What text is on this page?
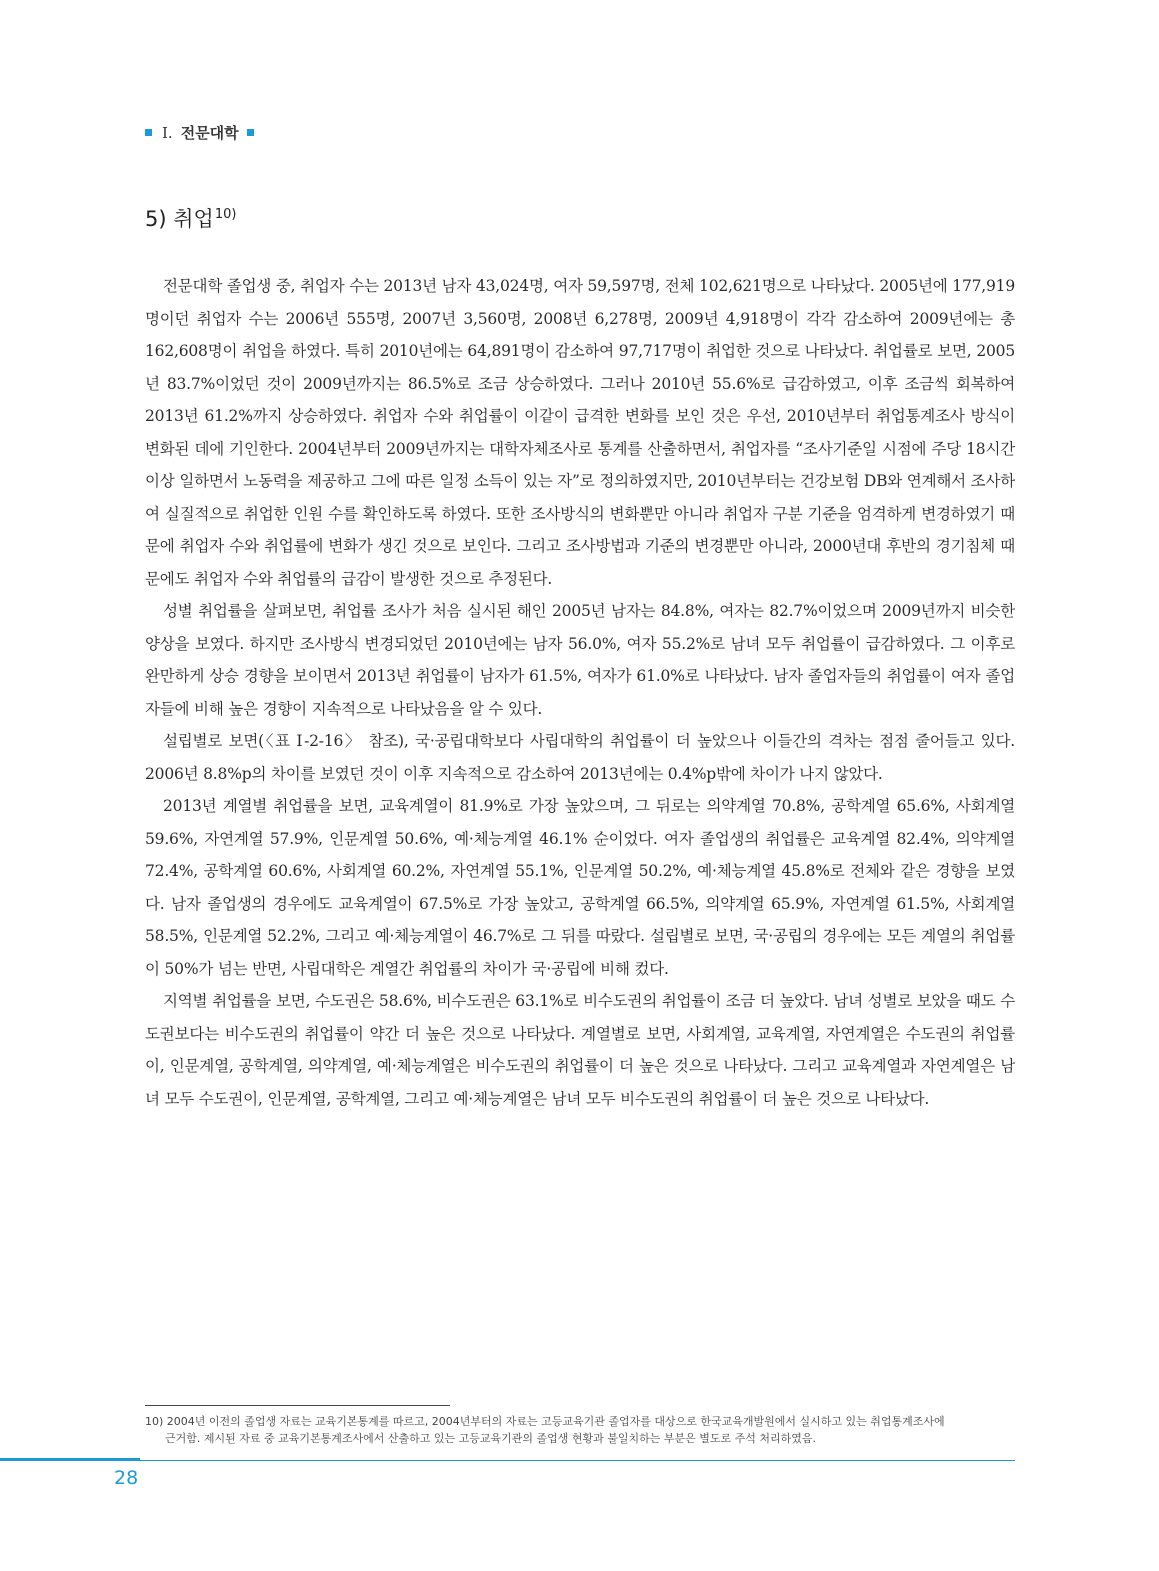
I. 전문대학
5) 취업$^{10)}$

전문대학 졸업생 중, 취업자 수는 2013년 남자 43,024명, 여자 59,597명, 전체 102,621명으로 나타났다. 2005년에 177,919명이던 취업자 수는 2006년 555명, 2007년 3,560명, 2008년 6,278명, 2009년 4,918명이 각각 감소하여 2009년에는 총 162,608명이 취업을 하였다. 특히 2010년에는 64,891명이 감소하여 97,717명이 취업한 것으로 나타났다. 취업률로 보면, 2005년 83.7%이었던 것이 2009년까지는 86.5%로 조금 상승하였다. 그러나 2010년 55.6%로 급감하였고, 이후 조금씩 회복하여 2013년 61.2%까지 상승하였다. 취업자 수와 취업률이 이같이 급격한 변화를 보인 것은 우선, 2010년부터 취업통계조사 방식이 변화된 데에 기인한다. 2004년부터 2009년까지는 대학자체조사로 통계를 산출하면서, 취업자를 “조사기준일 시점에 주당 18시간 이상 일하면서 노동력을 제공하고 그에 따른 일정 소득이 있는 자”로 정의하였지만, 2010년부터는 건강보험 DB와 연계해서 조사하여 실질적으로 취업한 인원 수를 확인하도록 하였다. 또한 조사방식의 변화뿐만 아니라 취업자 구분 기준을 엄격하게 변경하였기 때문에 취업자 수와 취업률에 변화가 생긴 것으로 보인다. 그리고 조사방법과 기준의 변경뿐만 아니라, 2000년대 후반의 경기침체 때문에도 취업자 수와 취업률의 급감이 발생한 것으로 추정된다.

성별 취업률을 살펴보면, 취업률 조사가 처음 실시된 해인 2005년 남자는 84.8%, 여자는 82.7%이었으며 2009년까지 비슷한 양상을 보였다. 하지만 조사방식 변경되었던 2010년에는 남자 56.0%, 여자 55.2%로 남녀 모두 취업률이 급감하였다. 그 이후로 완만하게 상승 경향을 보이면서 2013년 취업률이 남자가 61.5%, 여자가 61.0%로 나타났다. 남자 졸업자들의 취업률이 여자 졸업자들에 비해 높은 경향이 지속적으로 나타났음을 알 수 있다.

설립별로 보면(〈표 Ⅰ-2-16〉 참조), 국·공립대학보다 사립대학의 취업률이 더 높았으나 이들간의 격차는 점점 줄어들고 있다. 2006년 8.8%p의 차이를 보였던 것이 이후 지속적으로 감소하여 2013년에는 0.4%p밖에 차이가 나지 않았다.

2013년 계열별 취업률을 보면, 교육계열이 81.9%로 가장 높았으며, 그 뒤로는 의약계열 70.8%, 공학계열 65.6%, 사회계열 59.6%, 자연계열 57.9%, 인문계열 50.6%, 예·체능계열 46.1% 순이었다. 여자 졸업생의 취업률은 교육계열 82.4%, 의약계열 72.4%, 공학계열 60.6%, 사회계열 60.2%, 자연계열 55.1%, 인문계열 50.2%, 예·체능계열 45.8%로 전체와 같은 경향을 보였다. 남자 졸업생의 경우에도 교육계열이 67.5%로 가장 높았고, 공학계열 66.5%, 의약계열 65.9%, 자연계열 61.5%, 사회계열 58.5%, 인문계열 52.2%, 그리고 예·체능계열이 46.7%로 그 뒤를 따랐다. 설립별로 보면, 국·공립의 경우에는 모든 계열의 취업률이 50%가 넘는 반면, 사립대학은 계열간 취업률의 차이가 국·공립에 비해 컸다.

지역별 취업률을 보면, 수도권은 58.6%, 비수도권은 63.1%로 비수도권의 취업률이 조금 더 높았다. 남녀 성별로 보았을 때도 수도권보다는 비수도권의 취업률이 약간 더 높은 것으로 나타났다. 계열별로 보면, 사회계열, 교육계열, 자연계열은 수도권의 취업률이, 인문계열, 공학계열, 의약계열, 예·체능계열은 비수도권의 취업률이 더 높은 것으로 나타났다. 그리고 교육계열과 자연계열은 남녀 모두 수도권이, 인문계열, 공학계열, 그리고 예·체능계열은 남녀 모두 비수도권의 취업률이 더 높은 것으로 나타났다.

10) 2004년 이전의 졸업생 자료는 교육기본통계를 따르고, 2004년부터의 자료는 고등교육기관 졸업자를 대상으로 한국교육개발원에서 실시하고 있는 취업통계조사에
근거함. 제시된 자료 중 교육기본통계조사에서 산출하고 있는 고등교육기관의 졸업생 현황과 불일치하는 부분은 별도로 주석 처리하였음.
28
